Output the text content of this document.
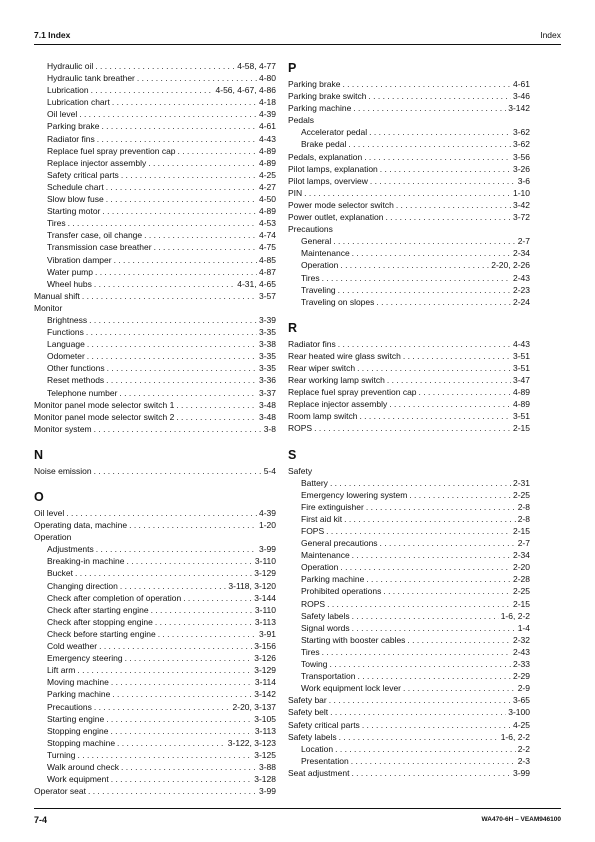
7.1 Index	Index
Hydraulic oil . . .	4-58, 4-77
Hydraulic tank breather . . .	4-80
Lubrication . . .	4-56, 4-67, 4-86
Lubrication chart . . .	4-18
Oil level . . .	4-39
Parking brake . . .	4-61
Radiator fins . . .	4-43
Replace fuel spray prevention cap . . .	4-89
Replace injector assembly . . .	4-89
Safety critical parts . . .	4-25
Schedule chart . . .	4-27
Slow blow fuse . . .	4-50
Starting motor . . .	4-89
Tires . . .	4-53
Transfer case, oil change . . .	4-74
Transmission case breather . . .	4-75
Vibration damper . . .	4-85
Water pump . . .	4-87
Wheel hubs . . .	4-31, 4-65
Manual shift . . .	3-57
Monitor
Brightness . . .	3-39
Functions . . .	3-35
Language . . .	3-38
Odometer . . .	3-35
Other functions . . .	3-35
Reset methods . . .	3-36
Telephone number . . .	3-37
Monitor panel mode selector switch 1 . . .	3-48
Monitor panel mode selector switch 2 . . .	3-48
Monitor system . . .	3-8
N
Noise emission . . .	5-4
O
Oil level . . .	4-39
Operating data, machine . . .	1-20
Operation
Adjustments . . .	3-99
Breaking-in machine . . .	3-110
Bucket . . .	3-129
Changing direction . . .	3-118, 3-120
Check after completion of operation . . .	3-144
Check after starting engine . . .	3-110
Check after stopping engine . . .	3-113
Check before starting engine . . .	3-91
Cold weather . . .	3-156
Emergency steering . . .	3-126
Lift arm . . .	3-129
Moving machine . . .	3-114
Parking machine . . .	3-142
Precautions . . .	2-20, 3-137
Starting engine . . .	3-105
Stopping engine . . .	3-113
Stopping machine . . .	3-122, 3-123
Turning . . .	3-125
Walk around check . . .	3-88
Work equipment . . .	3-128
Operator seat . . .	3-99
P
Parking brake . . .	4-61
Parking brake switch . . .	3-46
Parking machine . . .	3-142
Pedals
Accelerator pedal . . .	3-62
Brake pedal . . .	3-62
Pedals, explanation . . .	3-56
Pilot lamps, explanation . . .	3-26
Pilot lamps, overview . . .	3-6
PIN . . .	1-10
Power mode selector switch . . .	3-42
Power outlet, explanation . . .	3-72
Precautions
General . . .	2-7
Maintenance . . .	2-34
Operation . . .	2-20, 2-26
Tires . . .	2-43
Traveling . . .	2-23
Traveling on slopes . . .	2-24
R
Radiator fins . . .	4-43
Rear heated wire glass switch . . .	3-51
Rear wiper switch . . .	3-51
Rear working lamp switch . . .	3-47
Replace fuel spray prevention cap . . .	4-89
Replace injector assembly . . .	4-89
Room lamp switch . . .	3-51
ROPS . . .	2-15
S
Safety
Battery . . .	2-31
Emergency lowering system . . .	2-25
Fire extinguisher . . .	2-8
First aid kit . . .	2-8
FOPS . . .	2-15
General precautions . . .	2-7
Maintenance . . .	2-34
Operation . . .	2-20
Parking machine . . .	2-28
Prohibited operations . . .	2-25
ROPS . . .	2-15
Safety labels . . .	1-6, 2-2
Signal words . . .	1-4
Starting with booster cables . . .	2-32
Tires . . .	2-43
Towing . . .	2-33
Transportation . . .	2-29
Work equipment lock lever . . .	2-9
Safety bar . . .	3-65
Safety belt . . .	3-100
Safety critical parts . . .	4-25
Safety labels . . .	1-6, 2-2
Location . . .	2-2
Presentation . . .	2-3
Seat adjustment . . .	3-99
7-4	WA470-6H – VEAM946100
